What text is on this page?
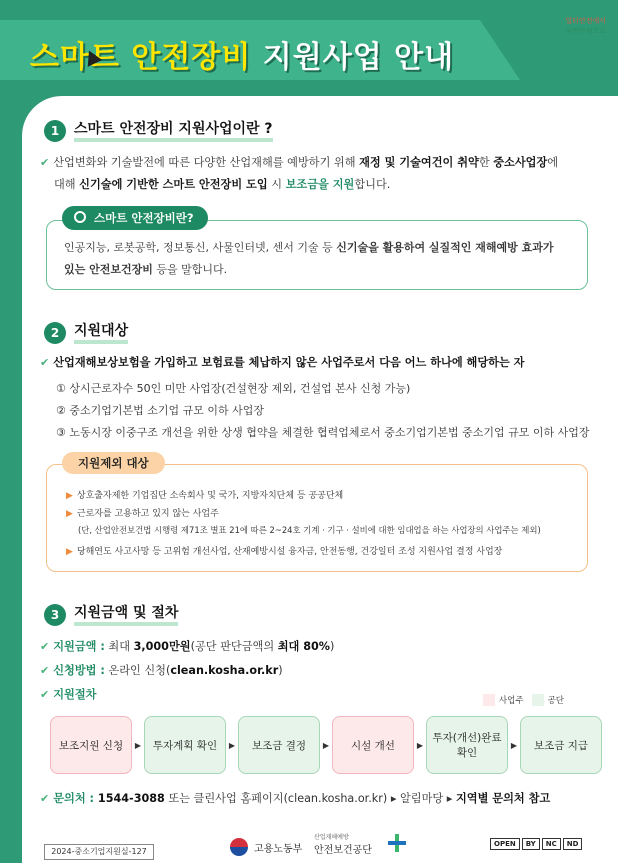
스마트 안전장비 지원사업 안내
일터안전에서
국민안심으로
1	스마트 안전장비 지원사업이란 ?
✔ 산업변화와 기술발전에 따른 다양한 산업재해를 예방하기 위해 재정 및 기술여건이 취약한 중소사업장에
대해 신기술에 기반한 스마트 안전장비 도입 시 보조금을 지원합니다.
스마트 안전장비란?
인공지능, 로봇공학, 정보통신, 사물인터넷, 센서 기술 등 신기술을 활용하여 실질적인 재해예방 효과가
있는 안전보건장비 등을 말합니다.
2	지원대상
✔ 산업재해보상보험을 가입하고 보험료를 체납하지 않은 사업주로서 다음 어느 하나에 해당하는 자
① 상시근로자수 50인 미만 사업장(건설현장 제외, 건설업 본사 신청 가능)
② 중소기업기본법 소기업 규모 이하 사업장
③ 노동시장 이중구조 개선을 위한 상생 협약을 체결한 협력업체로서 중소기업기본법 중소기업 규모 이하 사업장
지원제외 대상
▶ 상호출자제한 기업집단 소속회사 및 국가, 지방자치단체 등 공공단체
▶ 근로자를 고용하고 있지 않는 사업주
(단, 산업안전보건법 시행령 제71조 별표 21에 따른 2~24호 기계 · 기구 · 설비에 대한 임대업을 하는 사업장의 사업주는 제외)
▶ 당해연도 사고사망 등 고위험 개선사업, 산재예방시설 융자금, 안전동행, 건강일터 조성 지원사업 결정 사업장
3	지원금액 및 절차
✔ 지원금액 : 최대 3,000만원(공단 판단금액의 최대 80%)
✔ 신청방법 : 온라인 신청(clean.kosha.or.kr)
✔ 지원절차	사업주	공단
보조지원 신청	▶	투자계획 확인	▶	보조금 결정	▶	시설 개선	▶
투자(개선)완료 확인
▶	보조금 지급
✔ 문의처 : 1544-3088 또는 클린사업 홈페이지(clean.kosha.or.kr) ▸ 알림마당 ▸ 지역별 문의처 참고
2024-중소기업지원실-127	고용노동부
산업재해예방
안전보건공단
OPEN	BY	NC	ND
